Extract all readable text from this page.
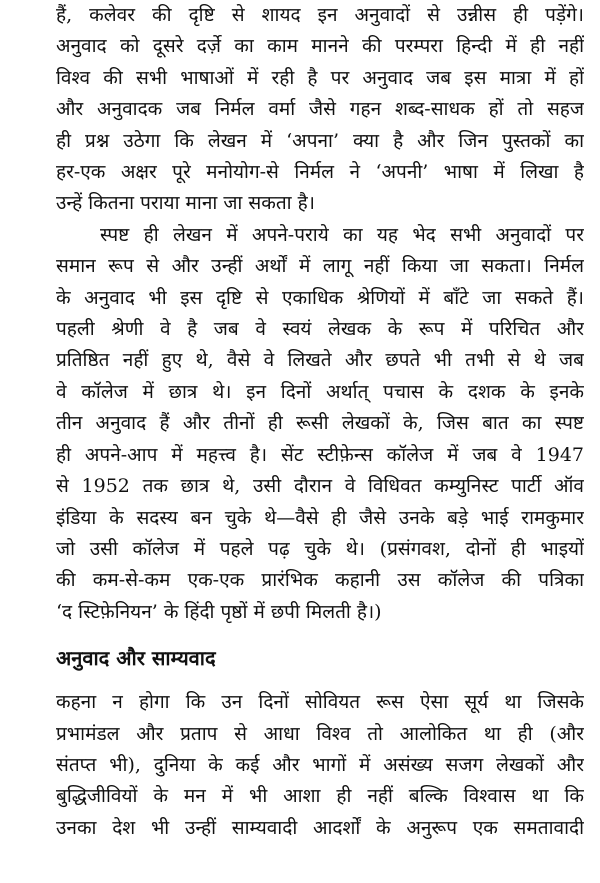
हैं, कलेवर की दृष्टि से शायद इन अनुवादों से उन्नीस ही पड़ेंगे।
अनुवाद को दूसरे दर्ज़े का काम मानने की परम्परा हिन्दी में ही नहीं
विश्व की सभी भाषाओं में रही है पर अनुवाद जब इस मात्रा में हों
और अनुवादक जब निर्मल वर्मा जैसे गहन शब्द-साधक हों तो सहज
ही प्रश्न उठेगा कि लेखन में ‘अपना’ क्या है और जिन पुस्तकों का
हर-एक अक्षर पूरे मनोयोग-से निर्मल ने ‘अपनी’ भाषा में लिखा है
उन्हें कितना पराया माना जा सकता है।

स्पष्ट ही लेखन में अपने-पराये का यह भेद सभी अनुवादों पर
समान रूप से और उन्हीं अर्थों में लागू नहीं किया जा सकता। निर्मल
के अनुवाद भी इस दृष्टि से एकाधिक श्रेणियों में बाँटे जा सकते हैं।
पहली श्रेणी वे है जब वे स्वयं लेखक के रूप में परिचित और
प्रतिष्ठित नहीं हुए थे, वैसे वे लिखते और छपते भी तभी से थे जब
वे कॉलेज में छात्र थे। इन दिनों अर्थात् पचास के दशक के इनके
तीन अनुवाद हैं और तीनों ही रूसी लेखकों के, जिस बात का स्पष्ट
ही अपने-आप में महत्त्व है। सेंट स्टीफ़ेन्स कॉलेज में जब वे 1947
से 1952 तक छात्र थे, उसी दौरान वे विधिवत कम्युनिस्ट पार्टी ऑव
इंडिया के सदस्य बन चुके थे—वैसे ही जैसे उनके बड़े भाई रामकुमार
जो उसी कॉलेज में पहले पढ़ चुके थे। (प्रसंगवश, दोनों ही भाइयों
की कम-से-कम एक-एक प्रारंभिक कहानी उस कॉलेज की पत्रिका
‘द स्टिफ़ेनियन’ के हिंदी पृष्ठों में छपी मिलती है।)

अनुवाद और साम्यवाद

कहना न होगा कि उन दिनों सोवियत रूस ऐसा सूर्य था जिसके
प्रभामंडल और प्रताप से आधा विश्व तो आलोकित था ही (और
संतप्त भी), दुनिया के कई और भागों में असंख्य सजग लेखकों और
बुद्धिजीवियों के मन में भी आशा ही नहीं बल्कि विश्वास था कि
उनका देश भी उन्हीं साम्यवादी आदर्शों के अनुरूप एक समतावादी
